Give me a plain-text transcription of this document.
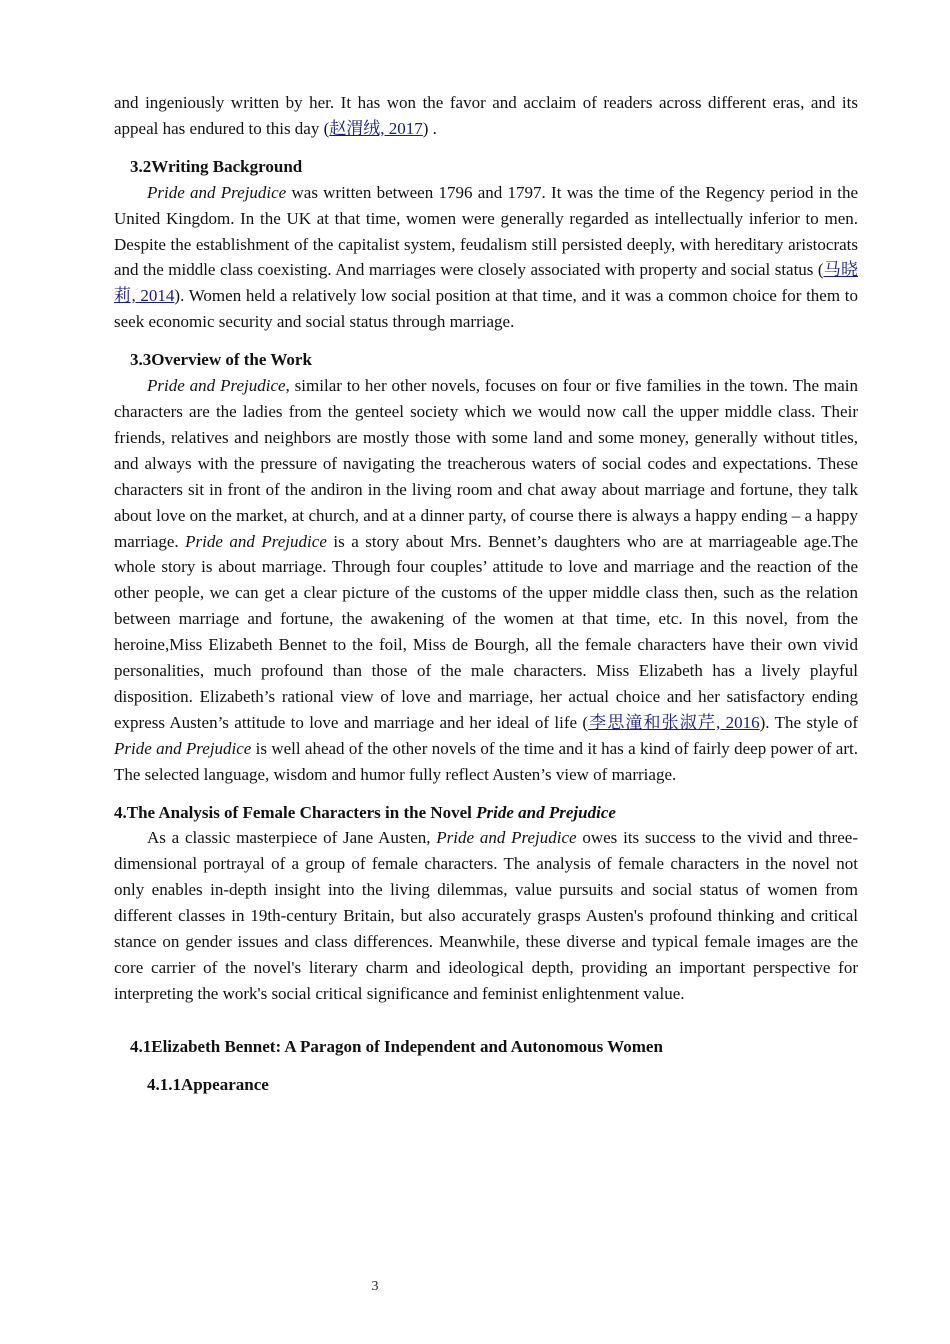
and ingeniously written by her. It has won the favor and acclaim of readers across different eras, and its appeal has endured to this day (赵渭绒, 2017) .

3.2Writing Background

Pride and Prejudice was written between 1796 and 1797. It was the time of the Regency period in the United Kingdom. In the UK at that time, women were generally regarded as intellectually inferior to men. Despite the establishment of the capitalist system, feudalism still persisted deeply, with hereditary aristocrats and the middle class coexisting. And marriages were closely associated with property and social status (马晓莉, 2014). Women held a relatively low social position at that time, and it was a common choice for them to seek economic security and social status through marriage.

3.3Overview of the Work

Pride and Prejudice, similar to her other novels, focuses on four or five families in the town. The main characters are the ladies from the genteel society which we would now call the upper middle class. Their friends, relatives and neighbors are mostly those with some land and some money, generally without titles, and always with the pressure of navigating the treacherous waters of social codes and expectations. These characters sit in front of the andiron in the living room and chat away about marriage and fortune, they talk about love on the market, at church, and at a dinner party, of course there is always a happy ending – a happy marriage. Pride and Prejudice is a story about Mrs. Bennet’s daughters who are at marriageable age.The whole story is about marriage. Through four couples’ attitude to love and marriage and the reaction of the other people, we can get a clear picture of the customs of the upper middle class then, such as the relation between marriage and fortune, the awakening of the women at that time, etc. In this novel, from the heroine,Miss Elizabeth Bennet to the foil, Miss de Bourgh, all the female characters have their own vivid personalities, much profound than those of the male characters. Miss Elizabeth has a lively playful disposition. Elizabeth’s rational view of love and marriage, her actual choice and her satisfactory ending express Austen’s attitude to love and marriage and her ideal of life (李思潼和张淑芹, 2016). The style of Pride and Prejudice is well ahead of the other novels of the time and it has a kind of fairly deep power of art. The selected language, wisdom and humor fully reflect Austen’s view of marriage.

4.The Analysis of Female Characters in the Novel Pride and Prejudice

As a classic masterpiece of Jane Austen, Pride and Prejudice owes its success to the vivid and three-dimensional portrayal of a group of female characters. The analysis of female characters in the novel not only enables in-depth insight into the living dilemmas, value pursuits and social status of women from different classes in 19th-century Britain, but also accurately grasps Austen's profound thinking and critical stance on gender issues and class differences. Meanwhile, these diverse and typical female images are the core carrier of the novel's literary charm and ideological depth, providing an important perspective for interpreting the work's social critical significance and feminist enlightenment value.

4.1Elizabeth Bennet: A Paragon of Independent and Autonomous Women
4.1.1Appearance
3
